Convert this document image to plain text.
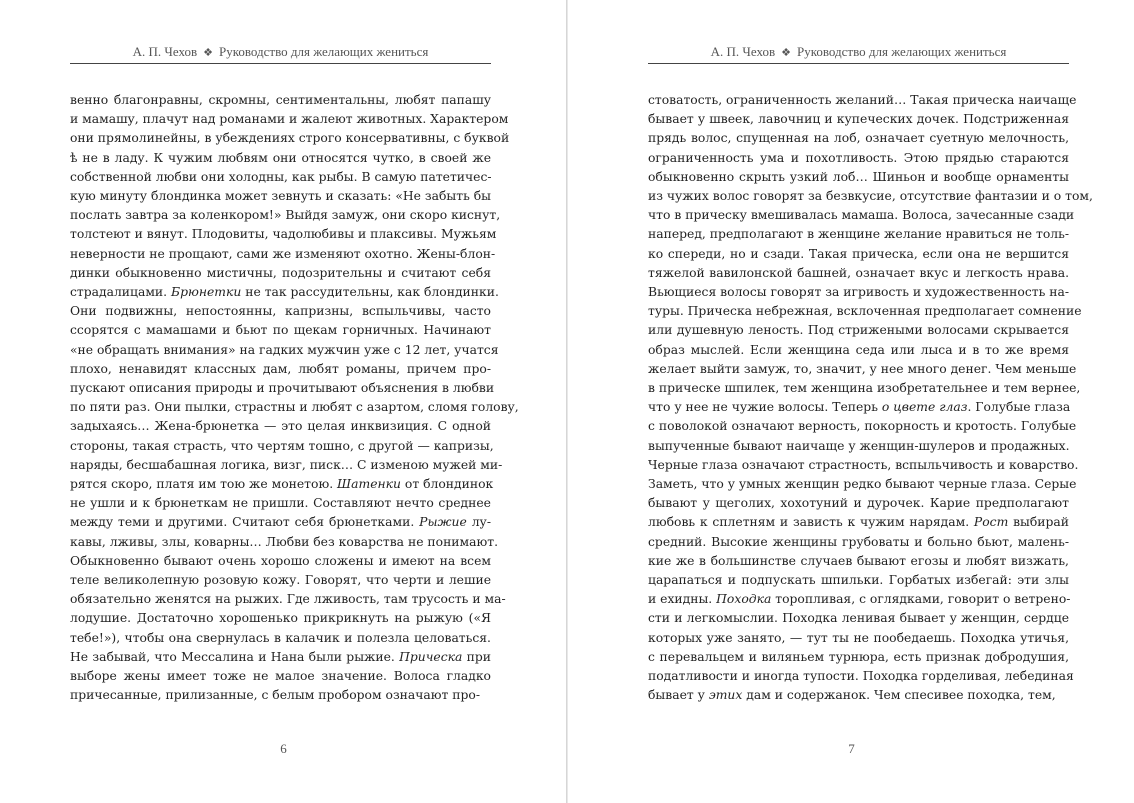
А. П. Чехов ❖ Руководство для желающих жениться
венно благонравны, скромны, сентиментальны, любят папашу
и мамашу, плачут над романами и жалеют животных. Характером
они прямолинейны, в убеждениях строго консервативны, с буквой
ѣ не в ладу. К чужим любвям они относятся чутко, в своей же
собственной любви они холодны, как рыбы. В самую патетичес-
кую минуту блондинка может зевнуть и сказать: «Не забыть бы
послать завтра за коленкором!» Выйдя замуж, они скоро киснут,
толстеют и вянут. Плодовиты, чадолюбивы и плаксивы. Мужьям
неверности не прощают, сами же изменяют охотно. Жены-блон-
динки обыкновенно мистичны, подозрительны и считают себя
страдалицами. Брюнетки не так рассудительны, как блондинки.
Они подвижны, непостоянны, капризны, вспыльчивы, часто
ссорятся с мамашами и бьют по щекам горничных. Начинают
«не обращать внимания» на гадких мужчин уже с 12 лет, учатся
плохо, ненавидят классных дам, любят романы, причем про-
пускают описания природы и прочитывают объяснения в любви
по пяти раз. Они пылки, страстны и любят с азартом, сломя голову,
задыхаясь… Жена-брюнетка — это целая инквизиция. С одной
стороны, такая страсть, что чертям тошно, с другой — капризы,
наряды, бесшабашная логика, визг, писк… С изменою мужей ми-
рятся скоро, платя им тою же монетою. Шатенки от блондинок
не ушли и к брюнеткам не пришли. Составляют нечто среднее
между теми и другими. Считают себя брюнетками. Рыжие лу-
кавы, лживы, злы, коварны… Любви без коварства не понимают.
Обыкновенно бывают очень хорошо сложены и имеют на всем
теле великолепную розовую кожу. Говорят, что черти и лешие
обязательно женятся на рыжих. Где лживость, там трусость и ма-
лодушие. Достаточно хорошенько прикрикнуть на рыжую («Я
тебе!»), чтобы она свернулась в калачик и полезла целоваться.
Не забывай, что Мессалина и Нана были рыжие. Прическа при
выборе жены имеет тоже не малое значение. Волоса гладко
причесанные, прилизанные, с белым пробором означают про-
6
А. П. Чехов ❖ Руководство для желающих жениться
стоватость, ограниченность желаний… Такая прическа наичаще
бывает у швеек, лавочниц и купеческих дочек. Подстриженная
прядь волос, спущенная на лоб, означает суетную мелочность,
ограниченность ума и похотливость. Этою прядью стараются
обыкновенно скрыть узкий лоб… Шиньон и вообще орнаменты
из чужих волос говорят за безвкусие, отсутствие фантазии и о том,
что в прическу вмешивалась мамаша. Волоса, зачесанные сзади
наперед, предполагают в женщине желание нравиться не толь-
ко спереди, но и сзади. Такая прическа, если она не вершится
тяжелой вавилонской башней, означает вкус и легкость нрава.
Вьющиеся волосы говорят за игривость и художественность на-
туры. Прическа небрежная, всклоченная предполагает сомнение
или душевную леность. Под стрижеными волосами скрывается
образ мыслей. Если женщина седа или лыса и в то же время
желает выйти замуж, то, значит, у нее много денег. Чем меньше
в прическе шпилек, тем женщина изобретательнее и тем вернее,
что у нее не чужие волосы. Теперь о цвете глаз. Голубые глаза
с поволокой означают верность, покорность и кротость. Голубые
выпученные бывают наичаще у женщин-шулеров и продажных.
Черные глаза означают страстность, вспыльчивость и коварство.
Заметь, что у умных женщин редко бывают черные глаза. Серые
бывают у щеголих, хохотуний и дурочек. Карие предполагают
любовь к сплетням и зависть к чужим нарядам. Рост выбирай
средний. Высокие женщины грубоваты и больно бьют, малень-
кие же в большинстве случаев бывают егозы и любят визжать,
царапаться и подпускать шпильки. Горбатых избегай: эти злы
и ехидны. Походка торопливая, с оглядками, говорит о ветрено-
сти и легкомыслии. Походка ленивая бывает у женщин, сердце
которых уже занято, — тут ты не пообедаешь. Походка утичья,
с перевальцем и виляньем турнюра, есть признак добродушия,
податливости и иногда тупости. Походка горделивая, лебединая
бывает у этих дам и содержанок. Чем спесивее походка, тем,
7
